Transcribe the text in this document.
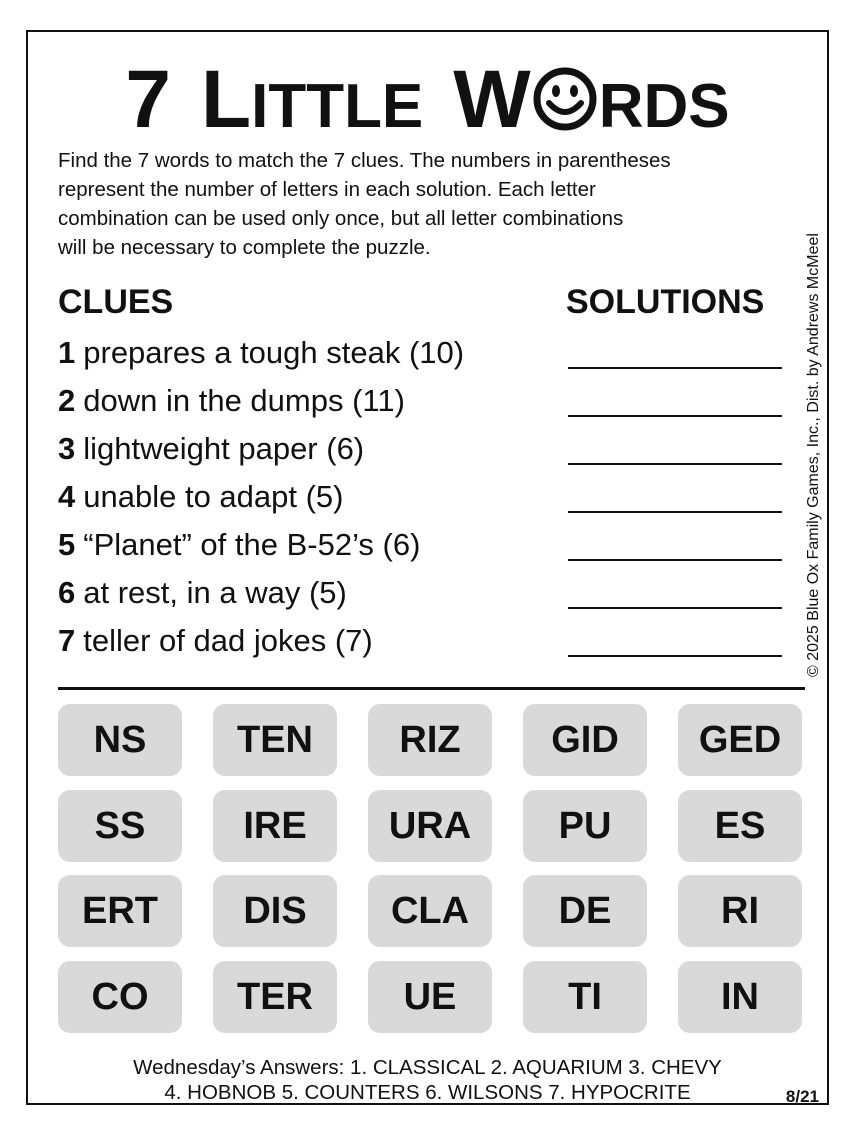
7 LITTLE W RDS
Find the 7 words to match the 7 clues. The numbers in parentheses
represent the number of letters in each solution. Each letter
combination can be used only once, but all letter combinations
will be necessary to complete the puzzle.	© 2025 Blue Ox Family Games, Inc., Dist. by Andrews McMeel
CLUES	SOLUTIONS
1 prepares a tough steak (10)
2 down in the dumps (11)
3 lightweight paper (6)
4 unable to adapt (5)
5 “Planet” of the B-52’s (6)
6 at rest, in a way (5)
7 teller of dad jokes (7)
NS	TEN	RIZ	GID	GED
SS	IRE	URA	PU	ES
ERT	DIS	CLA	DE	RI
CO	TER	UE	TI	IN
Wednesday’s Answers: 1. CLASSICAL 2. AQUARIUM 3. CHEVY
4. HOBNOB 5. COUNTERS 6. WILSONS 7. HYPOCRITE	8/21
